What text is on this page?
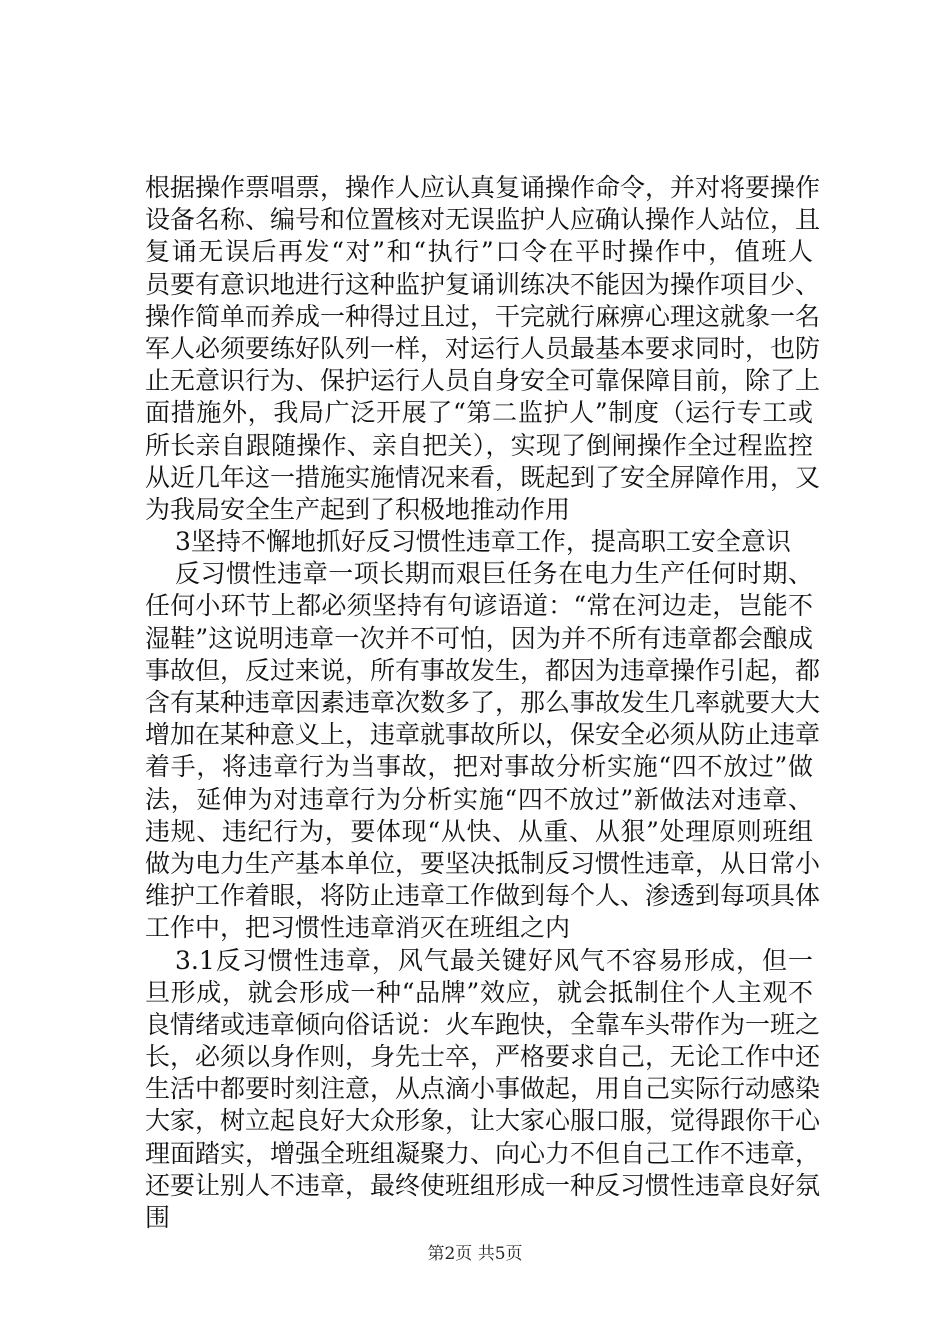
根据操作票唱票，操作人应认真复诵操作命令，并对将要操作
设备名称、编号和位置核对无误监护人应确认操作人站位，且
复诵无误后再发“对”和“执行”口令在平时操作中，值班人
员要有意识地进行这种监护复诵训练决不能因为操作项目少、
操作简单而养成一种得过且过，干完就行麻痹心理这就象一名
军人必须要练好队列一样，对运行人员最基本要求同时，也防
止无意识行为、保护运行人员自身安全可靠保障目前，除了上
面措施外，我局广泛开展了“第二监护人”制度（运行专工或
所长亲自跟随操作、亲自把关），实现了倒闸操作全过程监控
从近几年这一措施实施情况来看，既起到了安全屏障作用，又
为我局安全生产起到了积极地推动作用
3坚持不懈地抓好反习惯性违章工作，提高职工安全意识
反习惯性违章一项长期而艰巨任务在电力生产任何时期、
任何小环节上都必须坚持有句谚语道：“常在河边走，岂能不
湿鞋”这说明违章一次并不可怕，因为并不所有违章都会酿成
事故但，反过来说，所有事故发生，都因为违章操作引起，都
含有某种违章因素违章次数多了，那么事故发生几率就要大大
增加在某种意义上，违章就事故所以，保安全必须从防止违章
着手，将违章行为当事故，把对事故分析实施“四不放过”做
法，延伸为对违章行为分析实施“四不放过”新做法对违章、
违规、违纪行为，要体现“从快、从重、从狠”处理原则班组
做为电力生产基本单位，要坚决抵制反习惯性违章，从日常小
维护工作着眼，将防止违章工作做到每个人、渗透到每项具体
工作中，把习惯性违章消灭在班组之内
3.1反习惯性违章，风气最关键好风气不容易形成，但一
旦形成，就会形成一种“品牌”效应，就会抵制住个人主观不
良情绪或违章倾向俗话说：火车跑快，全靠车头带作为一班之
长，必须以身作则，身先士卒，严格要求自己，无论工作中还
生活中都要时刻注意，从点滴小事做起，用自己实际行动感染
大家，树立起良好大众形象，让大家心服口服，觉得跟你干心
理面踏实，增强全班组凝聚力、向心力不但自己工作不违章，
还要让别人不违章，最终使班组形成一种反习惯性违章良好氛
围
第2页 共5页
